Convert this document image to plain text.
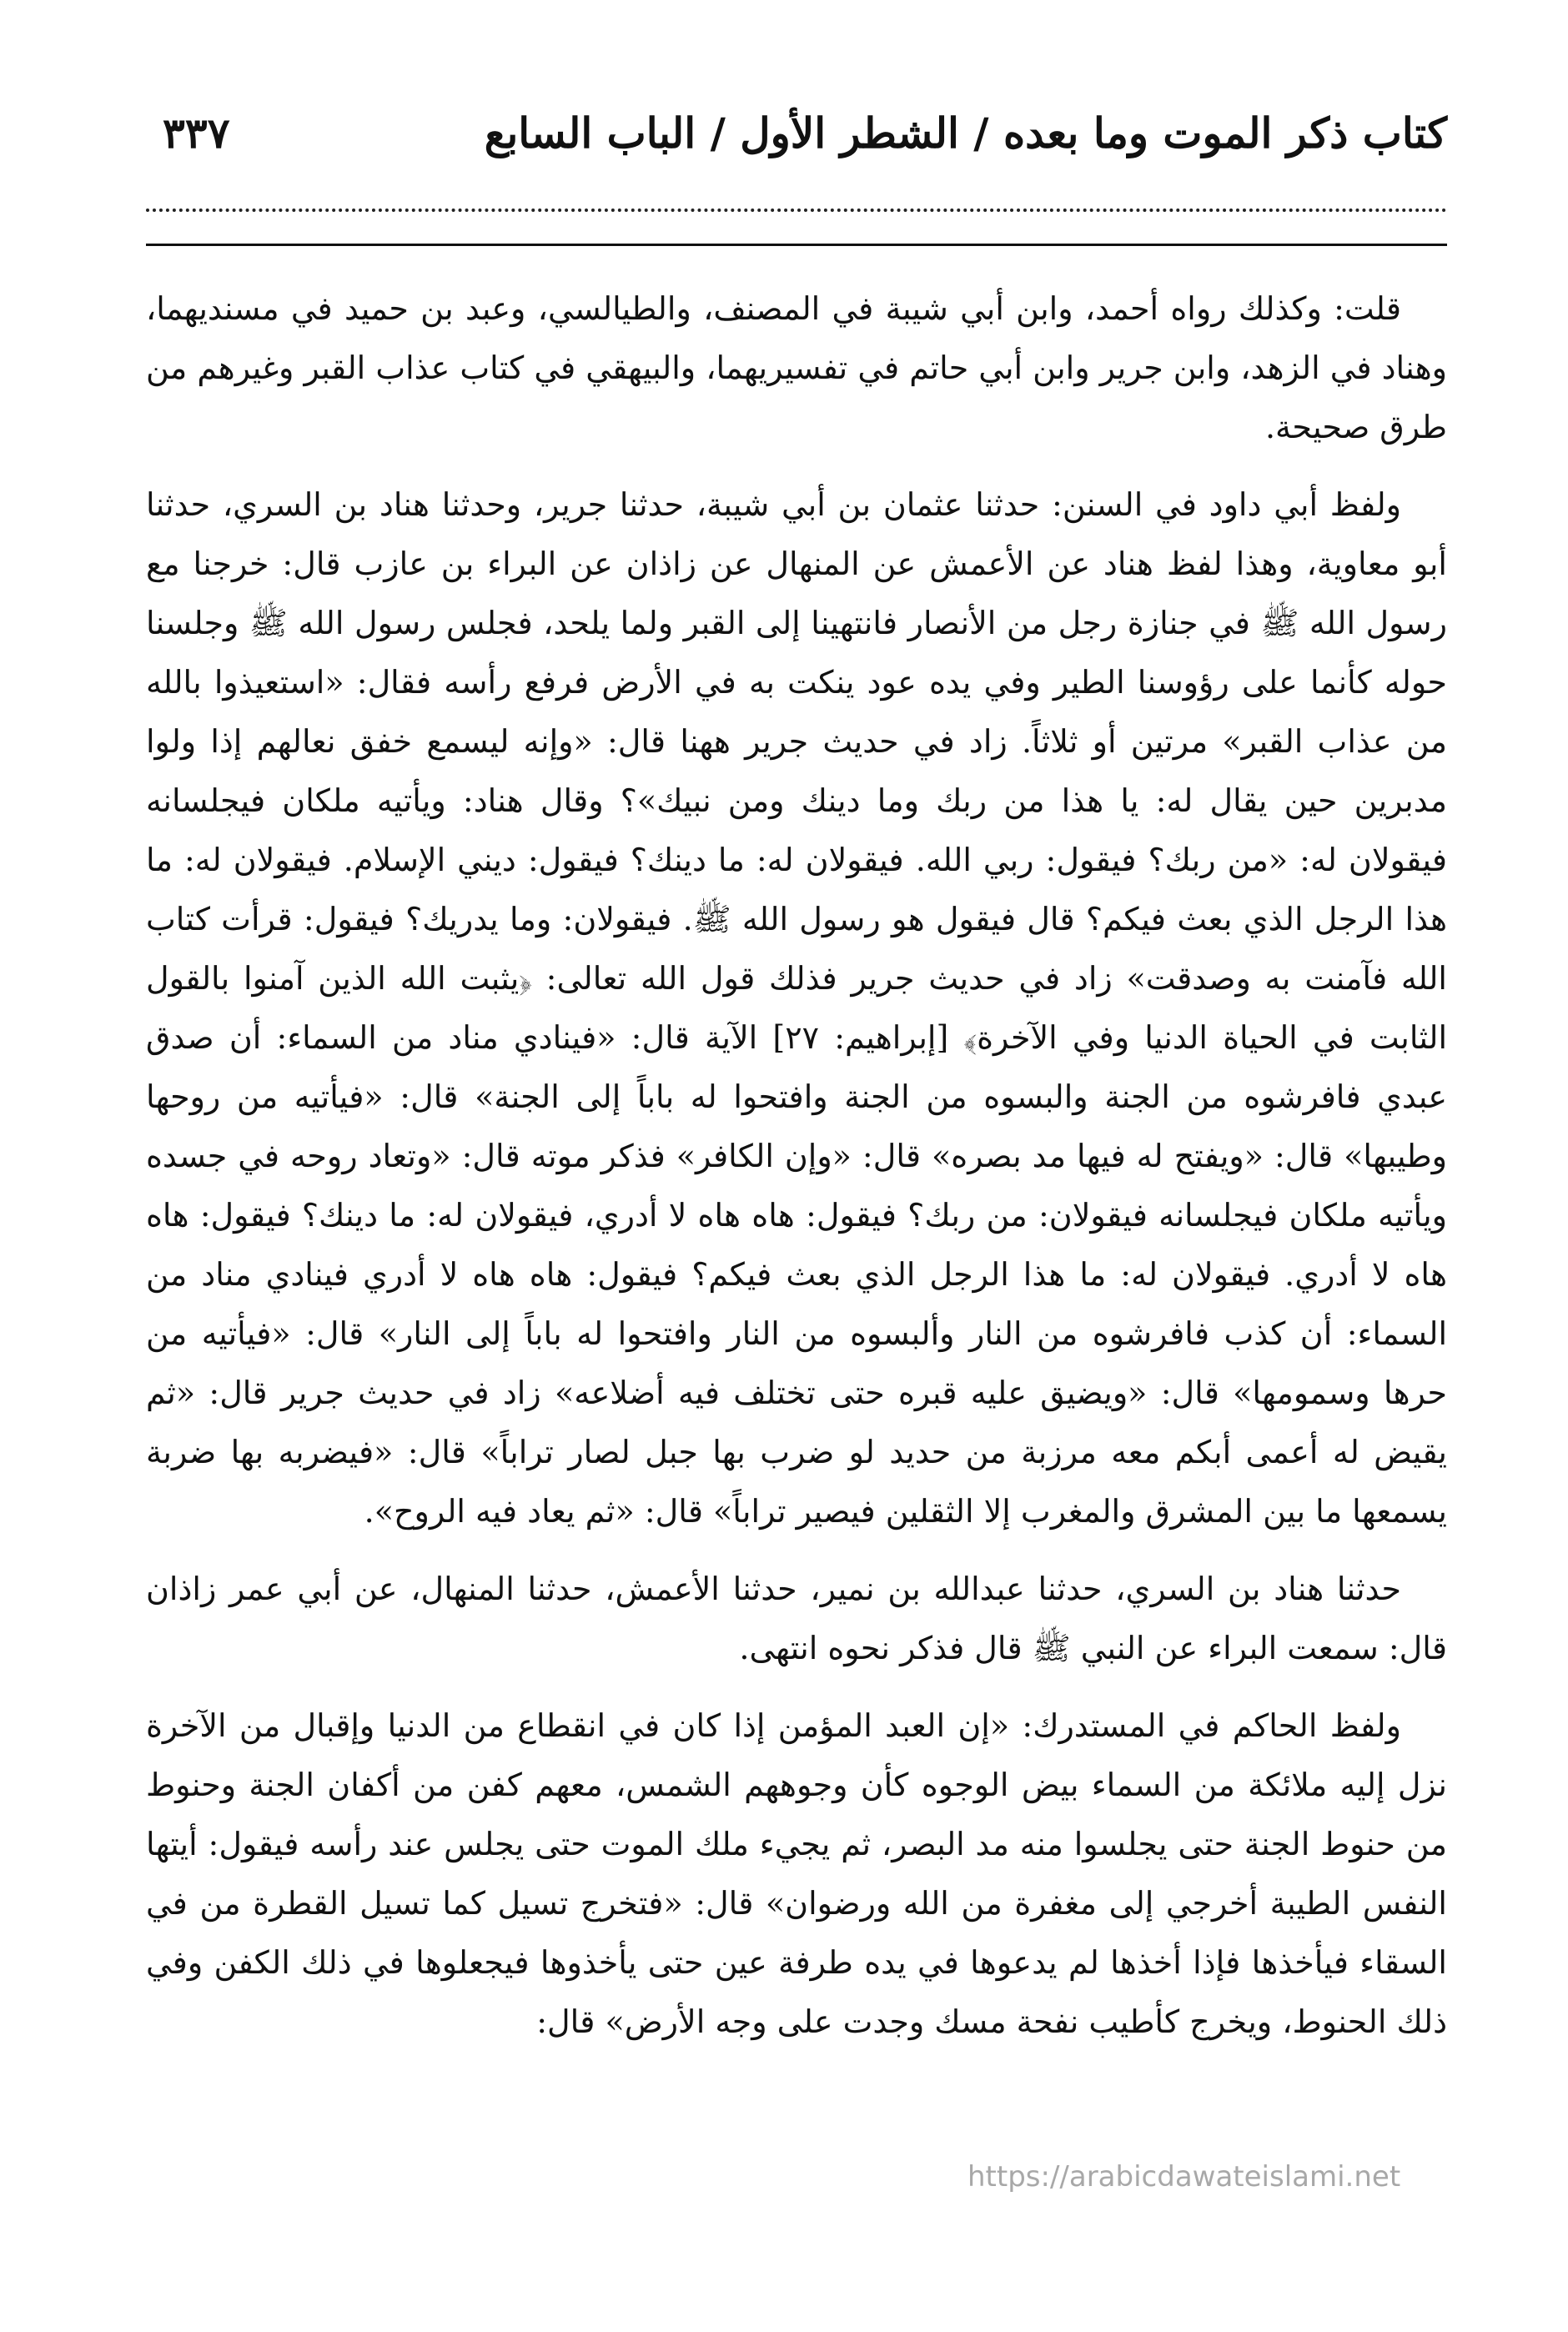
كتاب ذكر الموت وما بعده / الشطر الأول / الباب السابع
٣٣٧

قلت: وكذلك رواه أحمد، وابن أبي شيبة في المصنف، والطيالسي، وعبد بن حميد في مسنديهما، وهناد في الزهد، وابن جرير وابن أبي حاتم في تفسيريهما، والبيهقي في كتاب عذاب القبر وغيرهم من طرق صحيحة.

ولفظ أبي داود في السنن: حدثنا عثمان بن أبي شيبة، حدثنا جرير، وحدثنا هناد بن السري، حدثنا أبو معاوية، وهذا لفظ هناد عن الأعمش عن المنهال عن زاذان عن البراء بن عازب قال: خرجنا مع رسول الله ﷺ في جنازة رجل من الأنصار فانتهينا إلى القبر ولما يلحد، فجلس رسول الله ﷺ وجلسنا حوله كأنما على رؤوسنا الطير وفي يده عود ينكت به في الأرض فرفع رأسه فقال: «استعيذوا بالله من عذاب القبر» مرتين أو ثلاثاً. زاد في حديث جرير ههنا قال: «وإنه ليسمع خفق نعالهم إذا ولوا مدبرين حين يقال له: يا هذا من ربك وما دينك ومن نبيك»؟ وقال هناد: ويأتيه ملكان فيجلسانه فيقولان له: «من ربك؟ فيقول: ربي الله. فيقولان له: ما دينك؟ فيقول: ديني الإسلام. فيقولان له: ما هذا الرجل الذي بعث فيكم؟ قال فيقول هو رسول الله ﷺ. فيقولان: وما يدريك؟ فيقول: قرأت كتاب الله فآمنت به وصدقت» زاد في حديث جرير فذلك قول الله تعالى: ﴿يثبت الله الذين آمنوا بالقول الثابت في الحياة الدنيا وفي الآخرة﴾ [إبراهيم: ٢٧] الآية قال: «فينادي مناد من السماء: أن صدق عبدي فافرشوه من الجنة والبسوه من الجنة وافتحوا له باباً إلى الجنة» قال: «فيأتيه من روحها وطيبها» قال: «ويفتح له فيها مد بصره» قال: «وإن الكافر» فذكر موته قال: «وتعاد روحه في جسده ويأتيه ملكان فيجلسانه فيقولان: من ربك؟ فيقول: هاه هاه لا أدري، فيقولان له: ما دينك؟ فيقول: هاه هاه لا أدري. فيقولان له: ما هذا الرجل الذي بعث فيكم؟ فيقول: هاه هاه لا أدري فينادي مناد من السماء: أن كذب فافرشوه من النار وألبسوه من النار وافتحوا له باباً إلى النار» قال: «فيأتيه من حرها وسمومها» قال: «ويضيق عليه قبره حتى تختلف فيه أضلاعه» زاد في حديث جرير قال: «ثم يقيض له أعمى أبكم معه مرزبة من حديد لو ضرب بها جبل لصار تراباً» قال: «فيضربه بها ضربة يسمعها ما بين المشرق والمغرب إلا الثقلين فيصير تراباً» قال: «ثم يعاد فيه الروح».

حدثنا هناد بن السري، حدثنا عبدالله بن نمير، حدثنا الأعمش، حدثنا المنهال، عن أبي عمر زاذان قال: سمعت البراء عن النبي ﷺ قال فذكر نحوه انتهى.

ولفظ الحاكم في المستدرك: «إن العبد المؤمن إذا كان في انقطاع من الدنيا وإقبال من الآخرة نزل إليه ملائكة من السماء بيض الوجوه كأن وجوههم الشمس، معهم كفن من أكفان الجنة وحنوط من حنوط الجنة حتى يجلسوا منه مد البصر، ثم يجيء ملك الموت حتى يجلس عند رأسه فيقول: أيتها النفس الطيبة أخرجي إلى مغفرة من الله ورضوان» قال: «فتخرج تسيل كما تسيل القطرة من في السقاء فيأخذها فإذا أخذها لم يدعوها في يده طرفة عين حتى يأخذوها فيجعلوها في ذلك الكفن وفي ذلك الحنوط، ويخرج كأطيب نفحة مسك وجدت على وجه الأرض» قال:

https://arabicdawateislami.net
